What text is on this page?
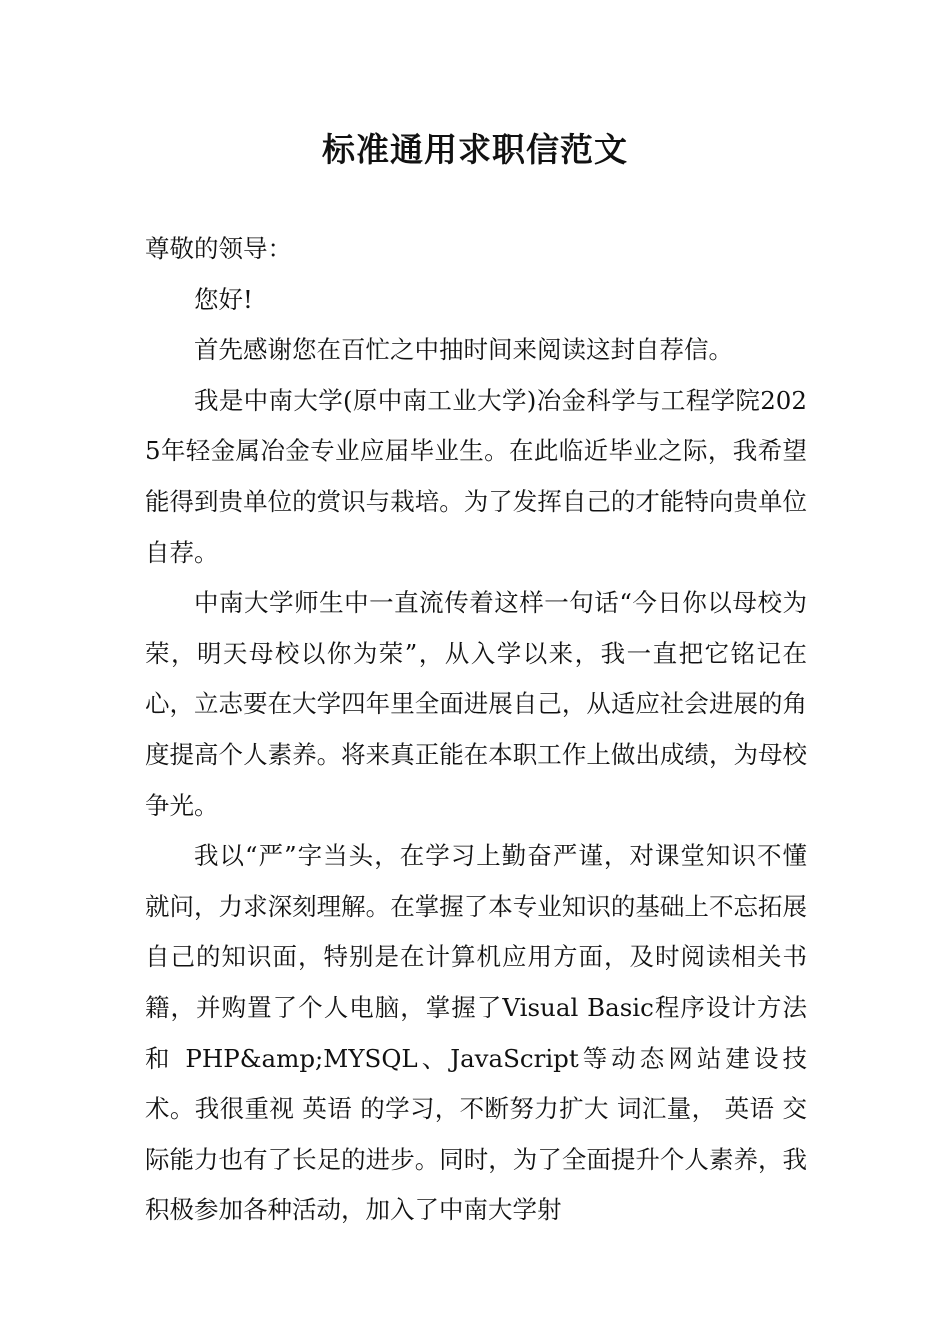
标准通用求职信范文

尊敬的领导：

您好!

首先感谢您在百忙之中抽时间来阅读这封自荐信。

我是中南大学(原中南工业大学)冶金科学与工程学院2025年轻金属冶金专业应届毕业生。在此临近毕业之际，我希望能得到贵单位的赏识与栽培。为了发挥自己的才能特向贵单位自荐。

中南大学师生中一直流传着这样一句话“今日你以母校为荣，明天母校以你为荣”，从入学以来，我一直把它铭记在心，立志要在大学四年里全面进展自己，从适应社会进展的角度提高个人素养。将来真正能在本职工作上做出成绩，为母校争光。

我以“严”字当头，在学习上勤奋严谨，对课堂知识不懂就问，力求深刻理解。在掌握了本专业知识的基础上不忘拓展自己的知识面，特别是在计算机应用方面，及时阅读相关书籍，并购置了个人电脑，掌握了Visual Basic程序设计方法和 PHP&amp;MYSQL、JavaScript等动态网站建设技术。我很重视 英语 的学习，不断努力扩大 词汇量， 英语 交际能力也有了长足的进步。同时，为了全面提升个人素养，我积极参加各种活动，加入了中南大学射
